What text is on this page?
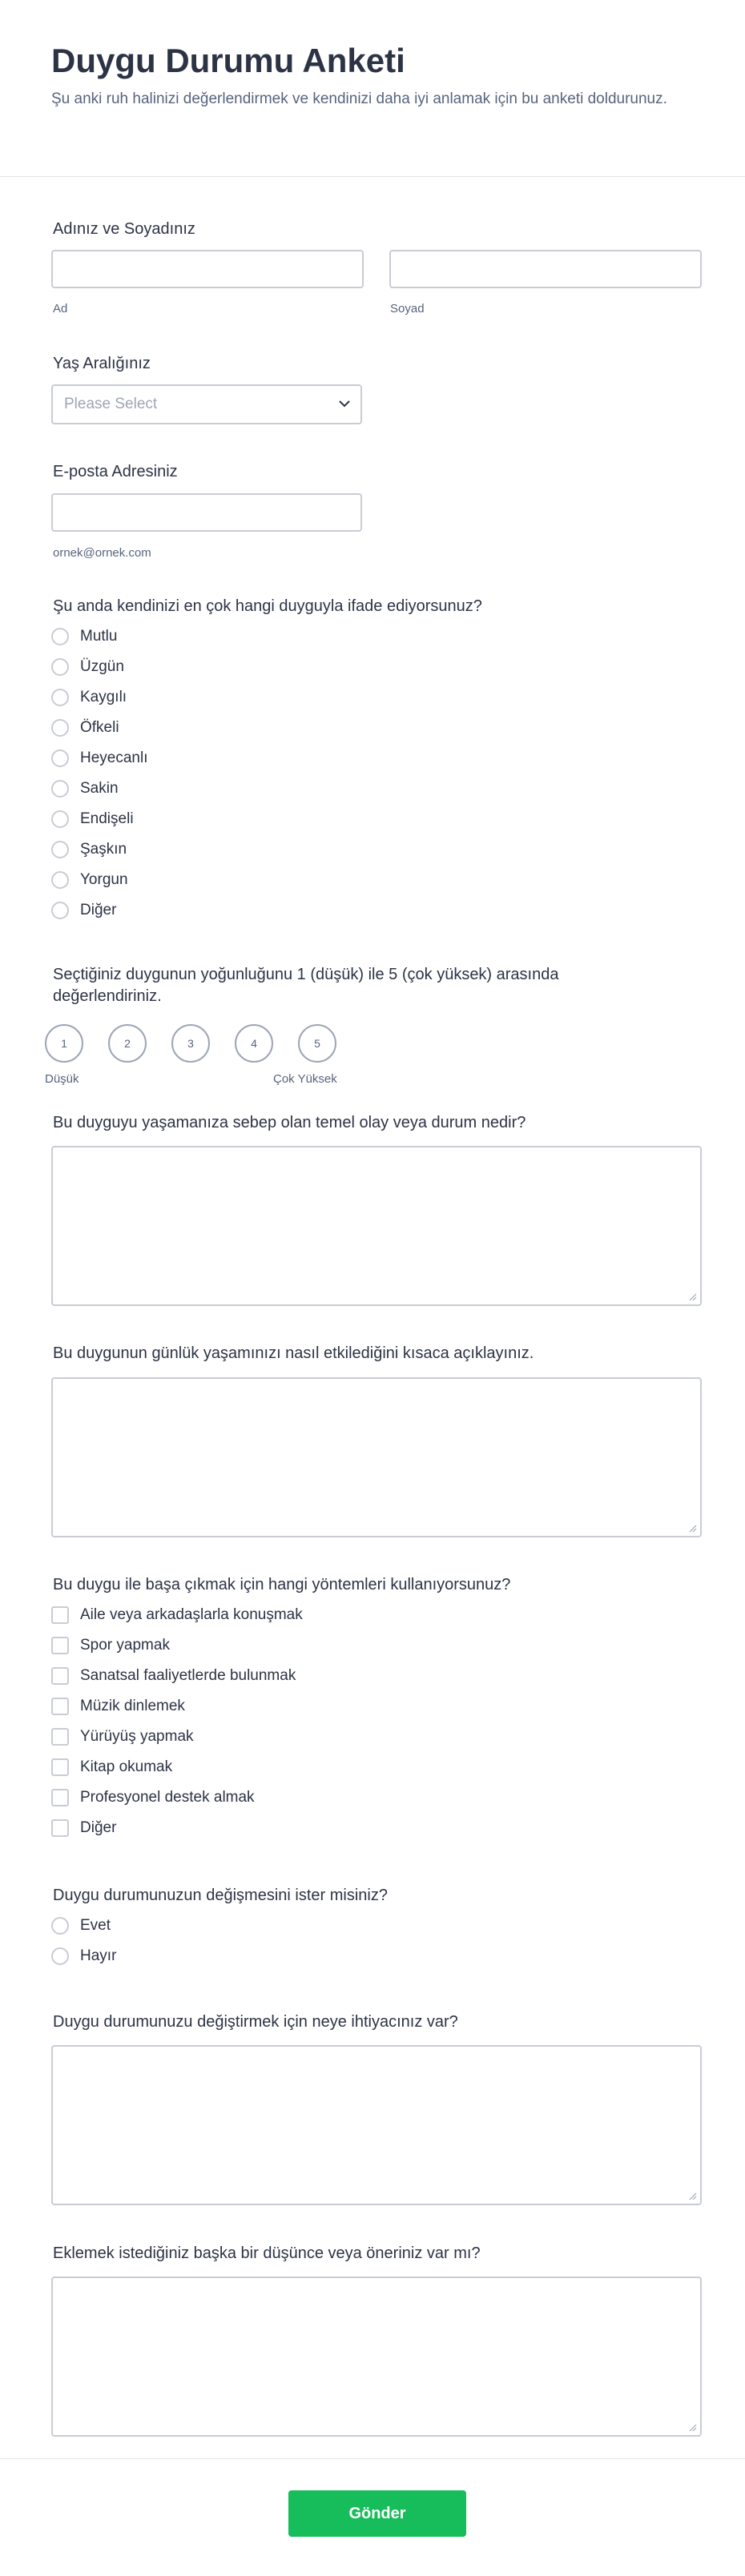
Duygu Durumu Anketi
Şu anki ruh halinizi değerlendirmek ve kendinizi daha iyi anlamak için bu anketi doldurunuz.
Adınız ve Soyadınız
Ad	Soyad
Yaş Aralığınız
Please Select
E-posta Adresiniz
ornek@ornek.com
Şu anda kendinizi en çok hangi duyguyla ifade ediyorsunuz?
Mutlu
Üzgün
Kaygılı
Öfkeli
Heyecanlı
Sakin
Endişeli
Şaşkın
Yorgun
Diğer
Seçtiğiniz duygunun yoğunluğunu 1 (düşük) ile 5 (çok yüksek) arasında değerlendiriniz.
1	2	3	4	5
Düşük	Çok Yüksek
Bu duyguyu yaşamanıza sebep olan temel olay veya durum nedir?
Bu duygunun günlük yaşamınızı nasıl etkilediğini kısaca açıklayınız.
Bu duygu ile başa çıkmak için hangi yöntemleri kullanıyorsunuz?
Aile veya arkadaşlarla konuşmak
Spor yapmak
Sanatsal faaliyetlerde bulunmak
Müzik dinlemek
Yürüyüş yapmak
Kitap okumak
Profesyonel destek almak
Diğer
Duygu durumunuzun değişmesini ister misiniz?
Evet
Hayır
Duygu durumunuzu değiştirmek için neye ihtiyacınız var?
Eklemek istediğiniz başka bir düşünce veya öneriniz var mı?
Gönder
